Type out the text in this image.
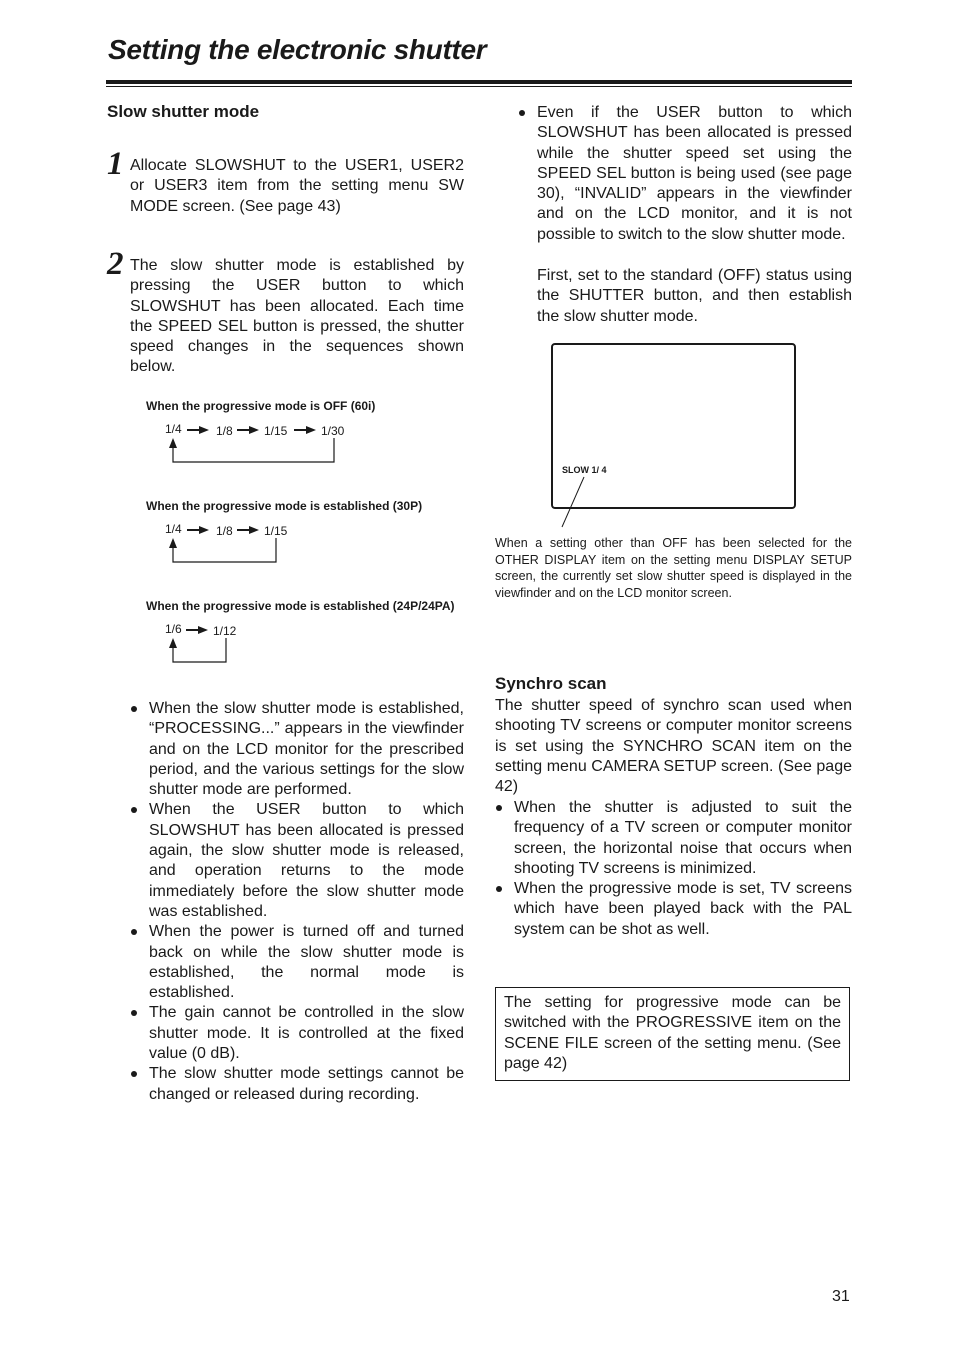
Setting the electronic shutter
Slow shutter mode
1 Allocate SLOWSHUT to the USER1, USER2 or USER3 item from the setting menu SW MODE screen. (See page 43)
2 The slow shutter mode is established by pressing the USER button to which SLOWSHUT has been allocated. Each time the SPEED SEL button is pressed, the shutter speed changes in the sequences shown below.
When the progressive mode is OFF (60i)
1/4	1/8	1/15	1/30
When the progressive mode is established (30P)
1/4	1/8	1/15
When the progressive mode is established (24P/24PA)
1/6	1/12
When the slow shutter mode is established, “PROCESSING...” appears in the viewfinder and on the LCD monitor for the prescribed period, and the various settings for the slow shutter mode are performed.
When the USER button to which SLOWSHUT has been allocated is pressed again, the slow shutter mode is released, and operation returns to the mode immediately before the slow shutter mode was established.
When the power is turned off and turned back on while the slow shutter mode is established, the normal mode is established.
The gain cannot be controlled in the slow shutter mode. It is controlled at the fixed value (0 dB).
The slow shutter mode settings cannot be changed or released during recording.
Even if the USER button to which SLOWSHUT has been allocated is pressed while the shutter speed set using the SPEED SEL button is being used (see page 30), “INVALID” appears in the viewfinder and on the LCD monitor, and it is not possible to switch to the slow shutter mode.
First, set to the standard (OFF) status using the SHUTTER button, and then establish the slow shutter mode.
SLOW 1/ 4
When a setting other than OFF has been selected for the OTHER DISPLAY item on the setting menu DISPLAY SETUP screen, the currently set slow shutter speed is displayed in the viewfinder and on the LCD monitor screen.
Synchro scan
The shutter speed of synchro scan used when shooting TV screens or computer monitor screens is set using the SYNCHRO SCAN item on the setting menu CAMERA SETUP screen. (See page 42)
When the shutter is adjusted to suit the frequency of a TV screen or computer monitor screen, the horizontal noise that occurs when shooting TV screens is minimized.
When the progressive mode is set, TV screens which have been played back with the PAL system can be shot as well.
The setting for progressive mode can be switched with the PROGRESSIVE item on the SCENE FILE screen of the setting menu. (See page 42)
31
